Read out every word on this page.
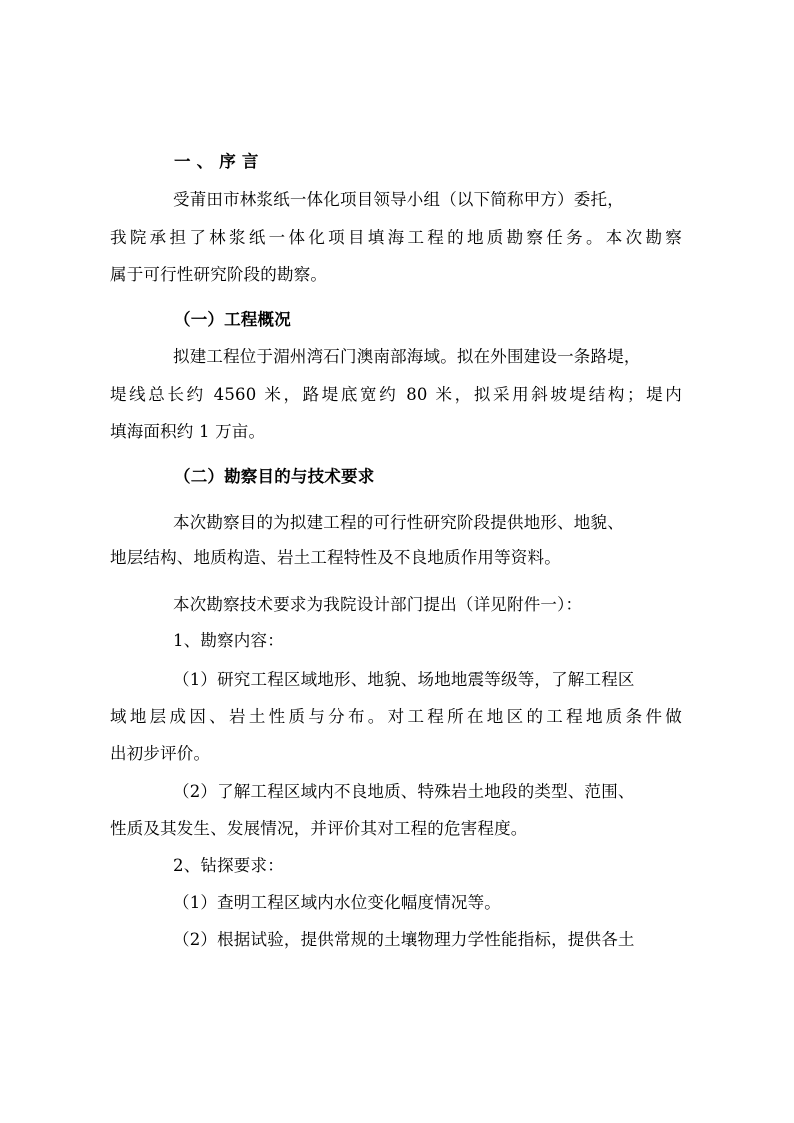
一 、 序 言
受莆田市林浆纸一体化项目领导小组（以下简称甲方）委托，
我院承担了林浆纸一体化项目填海工程的地质勘察任务。本次勘察
属于可行性研究阶段的勘察。
（一）工程概况
拟建工程位于湄州湾石门澳南部海域。拟在外围建设一条路堤，
堤线总长约 4560 米，路堤底宽约 80 米，拟采用斜坡堤结构；堤内
填海面积约 1 万亩。
（二）勘察目的与技术要求
本次勘察目的为拟建工程的可行性研究阶段提供地形、地貌、
地层结构、地质构造、岩土工程特性及不良地质作用等资料。
本次勘察技术要求为我院设计部门提出（详见附件一）：
1、勘察内容：
（1）研究工程区域地形、地貌、场地地震等级等，了解工程区
域地层成因、岩土性质与分布。对工程所在地区的工程地质条件做
出初步评价。
（2）了解工程区域内不良地质、特殊岩土地段的类型、范围、
性质及其发生、发展情况，并评价其对工程的危害程度。
2、钻探要求：
（1）查明工程区域内水位变化幅度情况等。
（2）根据试验，提供常规的土壤物理力学性能指标，提供各土
